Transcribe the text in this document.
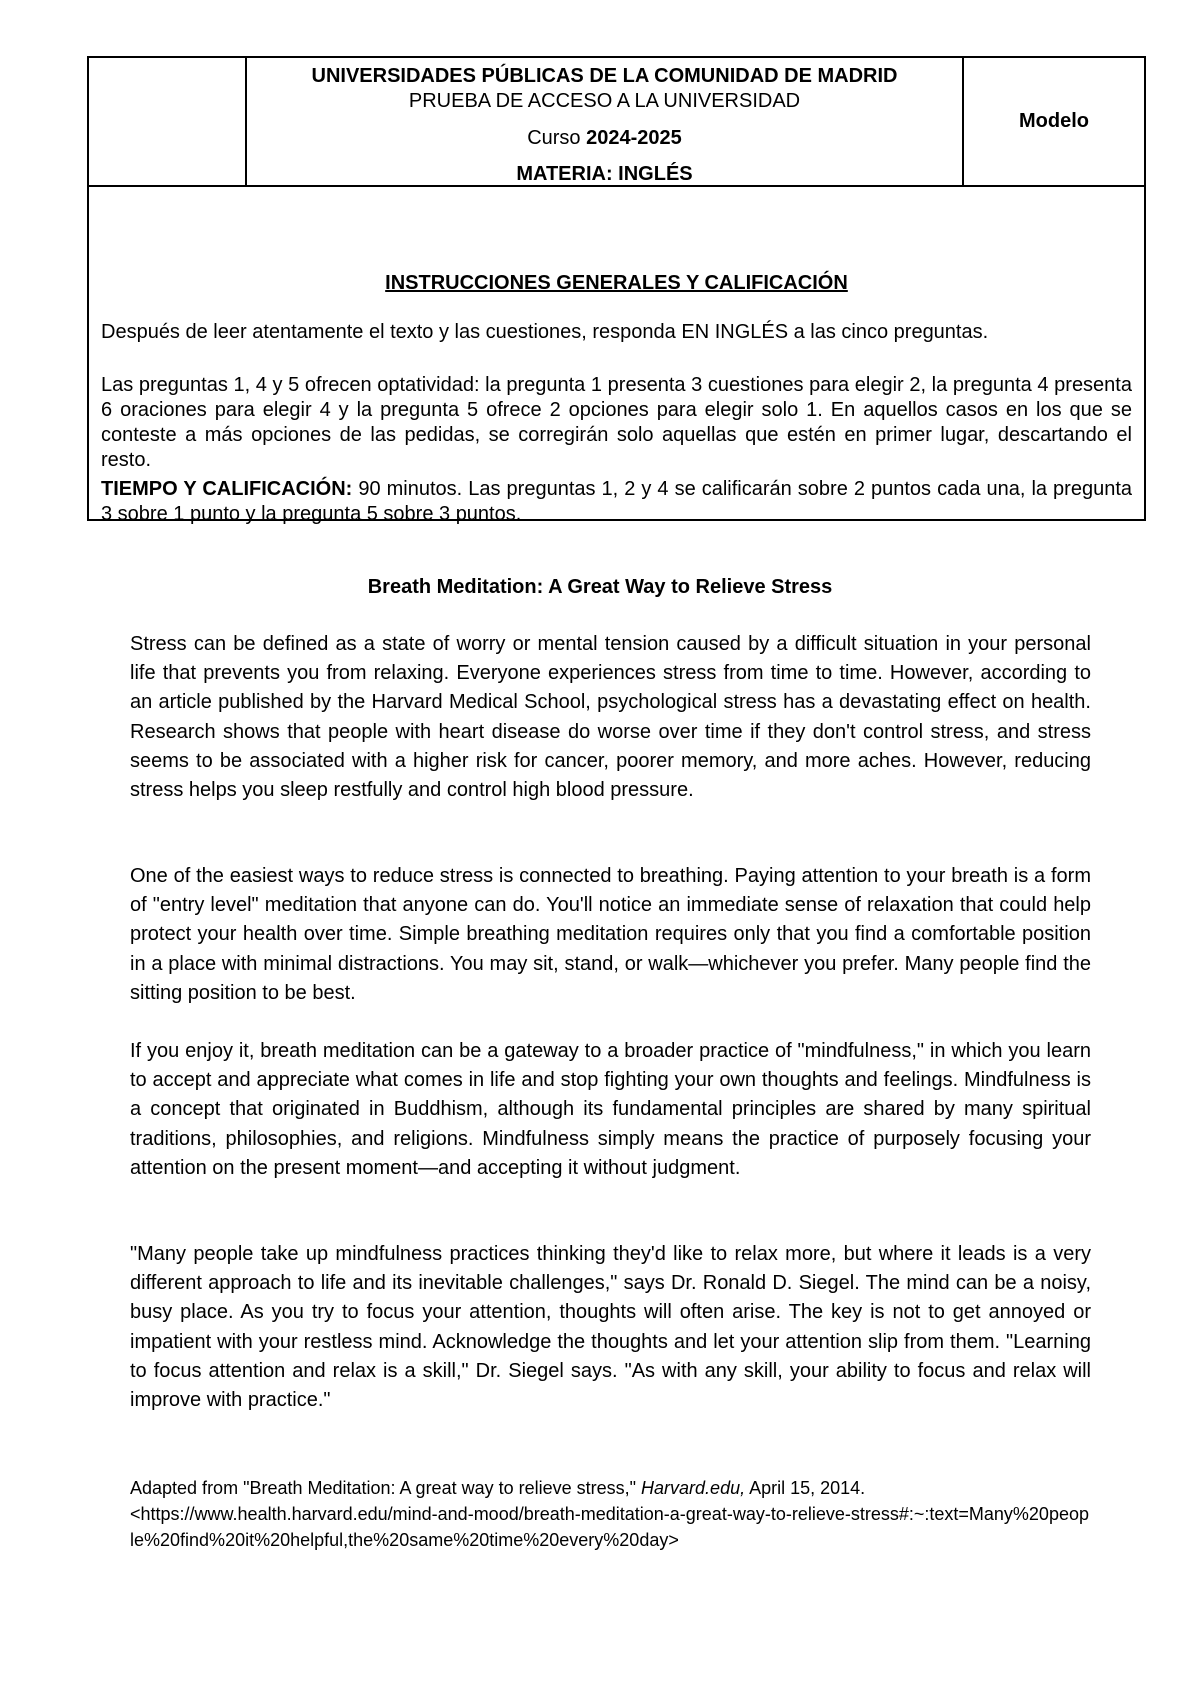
UNIVERSIDADES PÚBLICAS DE LA COMUNIDAD DE MADRID
PRUEBA DE ACCESO A LA UNIVERSIDAD
Curso 2024-2025
MATERIA: INGLÉS
Modelo
INSTRUCCIONES GENERALES Y CALIFICACIÓN
Después de leer atentamente el texto y las cuestiones, responda EN INGLÉS a las cinco preguntas.
Las preguntas 1, 4 y 5 ofrecen optatividad: la pregunta 1 presenta 3 cuestiones para elegir 2, la pregunta 4 presenta 6 oraciones para elegir 4 y la pregunta 5 ofrece 2 opciones para elegir solo 1. En aquellos casos en los que se conteste a más opciones de las pedidas, se corregirán solo aquellas que estén en primer lugar, descartando el resto.
TIEMPO Y CALIFICACIÓN: 90 minutos. Las preguntas 1, 2 y 4 se calificarán sobre 2 puntos cada una, la pregunta 3 sobre 1 punto y la pregunta 5 sobre 3 puntos.
Breath Meditation: A Great Way to Relieve Stress
Stress can be defined as a state of worry or mental tension caused by a difficult situation in your personal life that prevents you from relaxing. Everyone experiences stress from time to time. However, according to an article published by the Harvard Medical School, psychological stress has a devastating effect on health. Research shows that people with heart disease do worse over time if they don't control stress, and stress seems to be associated with a higher risk for cancer, poorer memory, and more aches. However, reducing stress helps you sleep restfully and control high blood pressure.
One of the easiest ways to reduce stress is connected to breathing. Paying attention to your breath is a form of "entry level" meditation that anyone can do. You'll notice an immediate sense of relaxation that could help protect your health over time. Simple breathing meditation requires only that you find a comfortable position in a place with minimal distractions. You may sit, stand, or walk—whichever you prefer. Many people find the sitting position to be best.
If you enjoy it, breath meditation can be a gateway to a broader practice of "mindfulness," in which you learn to accept and appreciate what comes in life and stop fighting your own thoughts and feelings. Mindfulness is a concept that originated in Buddhism, although its fundamental principles are shared by many spiritual traditions, philosophies, and religions. Mindfulness simply means the practice of purposely focusing your attention on the present moment—and accepting it without judgment.
"Many people take up mindfulness practices thinking they'd like to relax more, but where it leads is a very different approach to life and its inevitable challenges," says Dr. Ronald D. Siegel. The mind can be a noisy, busy place. As you try to focus your attention, thoughts will often arise. The key is not to get annoyed or impatient with your restless mind. Acknowledge the thoughts and let your attention slip from them. "Learning to focus attention and relax is a skill," Dr. Siegel says. "As with any skill, your ability to focus and relax will improve with practice."
Adapted from "Breath Meditation: A great way to relieve stress," Harvard.edu, April 15, 2014.
<https://www.health.harvard.edu/mind-and-mood/breath-meditation-a-great-way-to-relieve-stress#:~:text=Many%20people%20find%20it%20helpful,the%20same%20time%20every%20day>
